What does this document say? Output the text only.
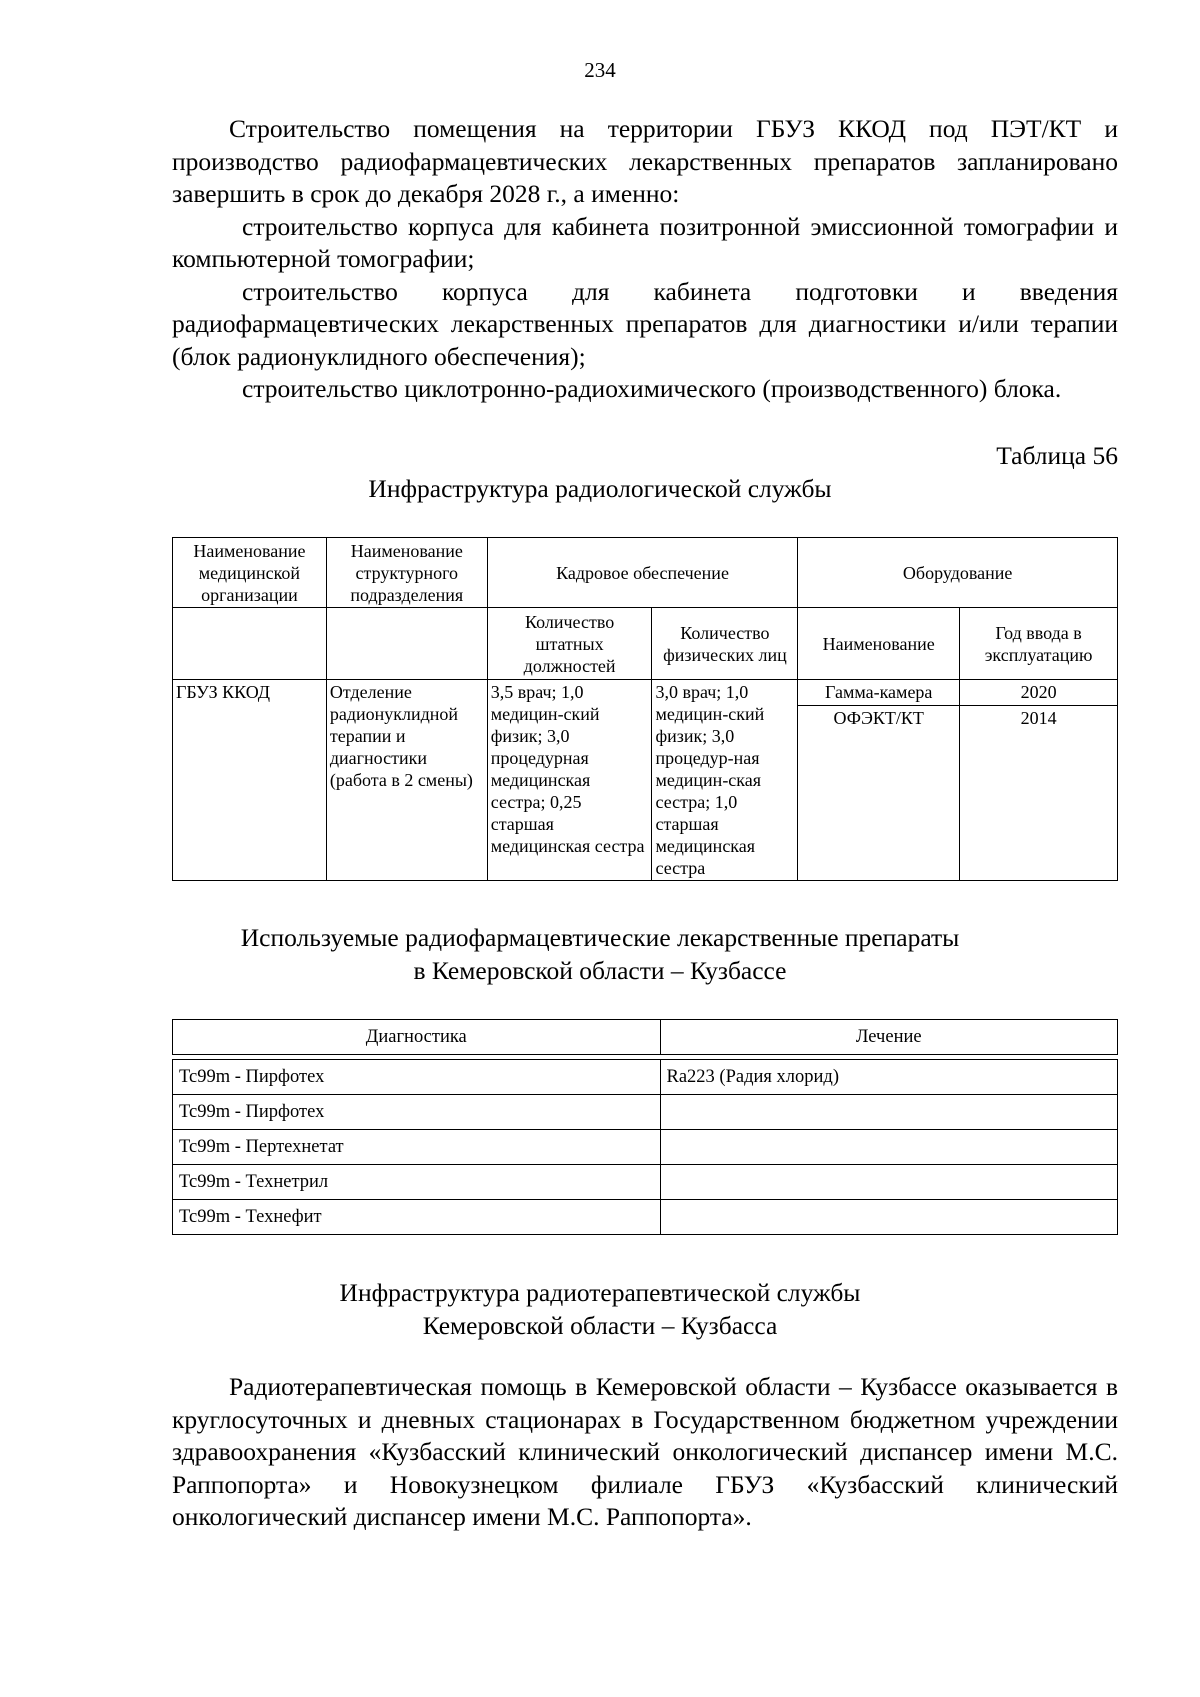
234

Строительство помещения на территории ГБУЗ ККОД под ПЭТ/КТ и производство радиофармацевтических лекарственных препаратов запланировано завершить в срок до декабря 2028 г., а именно:

строительство корпуса для кабинета позитронной эмиссионной томографии и компьютерной томографии;

строительство корпуса для кабинета подготовки и введения радиофармацевтических лекарственных препаратов для диагностики и/или терапии (блок радионуклидного обеспечения);

строительство циклотронно-радиохимического (производственного) блока.

Таблица 56
Инфраструктура радиологической службы
Наименование медицинской организации	Наименование структурного подразделения	Кадровое обеспечение		Оборудование	
		Количество штатных должностей	Количество физических лиц	Наименование	Год ввода в эксплуатацию
ГБУЗ ККОД	Отделение радионуклидной терапии и диагностики (работа в 2 смены)	3,5 врач; 1,0 медицин-ский физик; 3,0 процедурная медицинская сестра; 0,25 старшая медицинская сестра	3,0 врач; 1,0 медицин-ский физик; 3,0 процедур-ная медицин-ская сестра; 1,0 старшая медицинская сестра	Гамма-камера	2020
				ОФЭКТ/КТ	2014
Используемые радиофармацевтические лекарственные препараты
в Кемеровской области – Кузбассе
Диагностика	Лечение

Tc99m - Пирфотех	Ra223 (Радия хлорид)
Tc99m - Пирфотех	
Tc99m - Пертехнетат	
Tc99m - Технетрил	
Tc99m - Технефит	
Инфраструктура радиотерапевтической службы
Кемеровской области – Кузбасса

Радиотерапевтическая помощь в Кемеровской области – Кузбассе оказывается в круглосуточных и дневных стационарах в Государственном бюджетном учреждении здравоохранения «Кузбасский клинический онкологический диспансер имени М.С. Раппопорта» и Новокузнецком филиале ГБУЗ «Кузбасский клинический онкологический диспансер имени М.С. Раппопорта».
